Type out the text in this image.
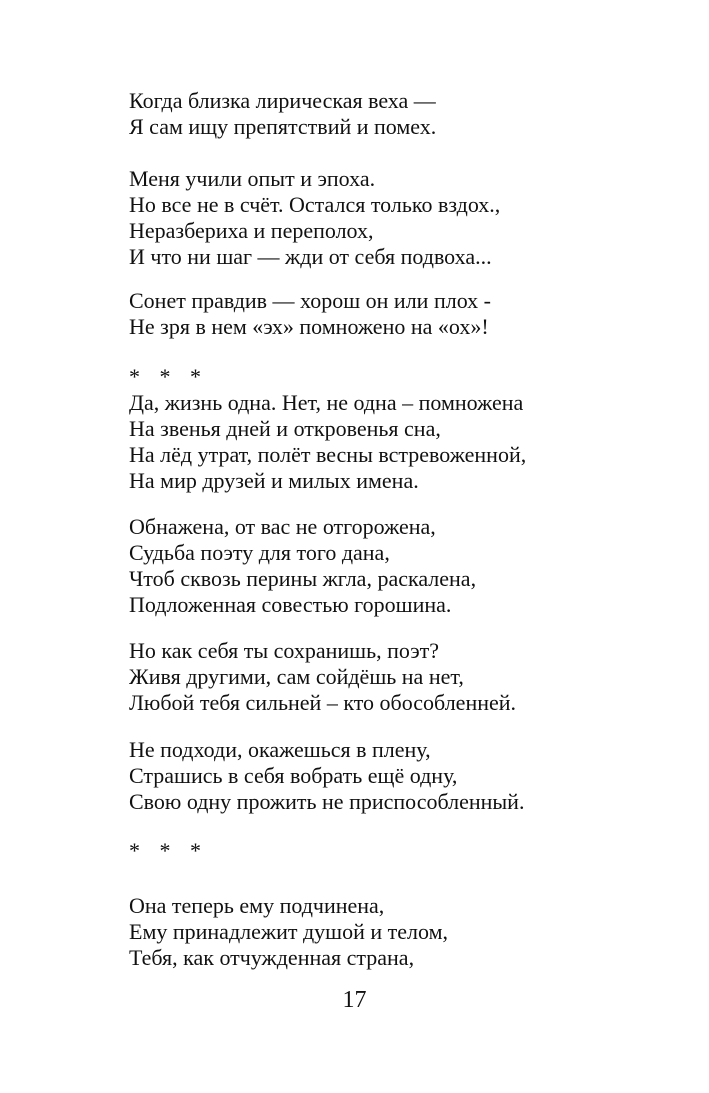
Когда близка лирическая веха —
Я сам ищу препятствий и помех.
Меня учили опыт и эпоха.
Но все не в счёт. Остался только вздох.,
Неразбериха и переполох,
И что ни шаг — жди от себя подвоха...
Сонет правдив — хорош он или плох -
Не зря в нем «эх» помножено на «ох»!
* * *
Да, жизнь одна. Нет, не одна – помножена
На звенья дней и откровенья сна,
На лёд утрат, полёт весны встревоженной,
На мир друзей и милых имена.
Обнажена, от вас не отгорожена,
Судьба поэту для того дана,
Чтоб сквозь перины жгла, раскалена,
Подложенная совестью горошина.
Но как себя ты сохранишь, поэт?
Живя другими, сам сойдёшь на нет,
Любой тебя сильней – кто обособленней.
Не подходи, окажешься в плену,
Страшись в себя вобрать ещё одну,
Свою одну прожить не приспособленный.
* * *
Она теперь ему подчинена,
Ему принадлежит душой и телом,
Тебя, как отчужденная страна,
17
